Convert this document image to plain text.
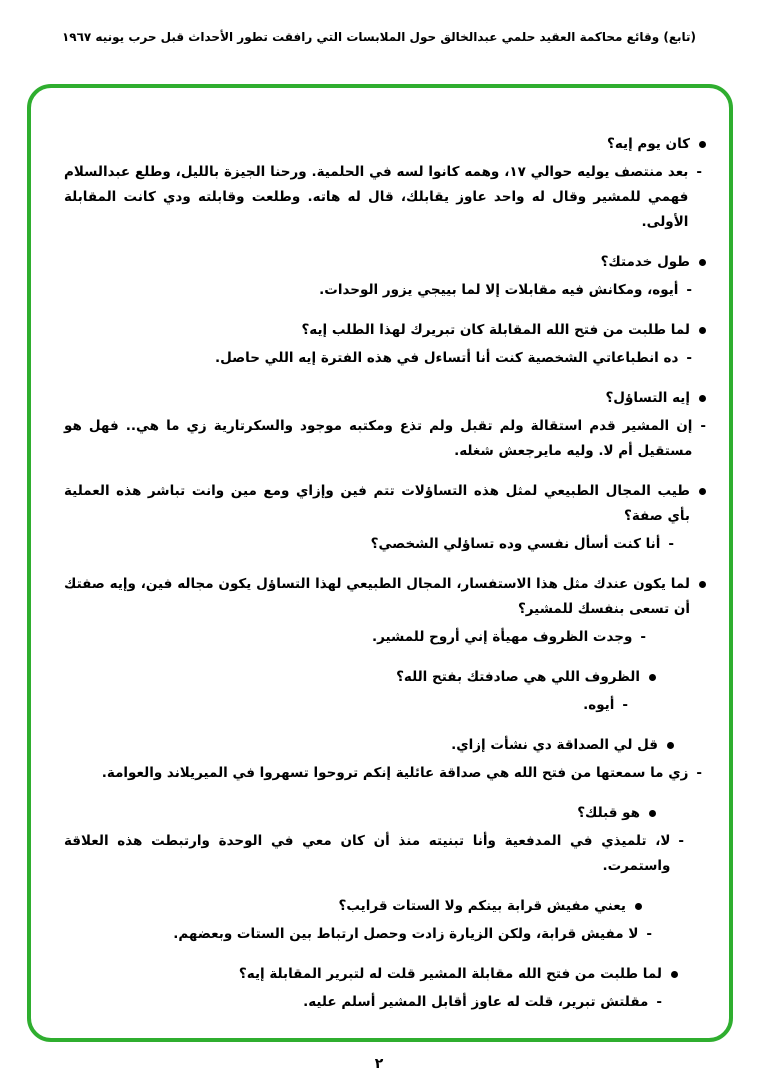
(تابع) وقائع محاكمة العقيد حلمي عبدالخالق حول الملابسات التي رافقت تطور الأحداث قبل حرب يونيه ١٩٦٧
كان يوم إيه؟
-
بعد منتصف يوليه حوالي ١٧، وهمه كانوا لسه في الحلمية. ورحنا الجيزة بالليل، وطلع عبدالسلام فهمي للمشير وقال له واحد عاوز يقابلك، قال له هاته. وطلعت وقابلته ودي كانت المقابلة الأولى.
طول خدمتك؟
-
أيوه، ومكانش فيه مقابلات إلا لما بييجي يزور الوحدات.
لما طلبت من فتح الله المقابلة كان تبريرك لهذا الطلب إيه؟
-
ده انطباعاتي الشخصية كنت أنا أتساءل في هذه الفترة إيه اللي حاصل.
إيه التساؤل؟
-
إن المشير قدم استقالة ولم تقبل ولم تذع ومكتبه موجود والسكرتارية زي ما هي.. فهل هو مستقيل أم لا. وليه مايرجعش شغله.
طيب المجال الطبيعي لمثل هذه التساؤلات تتم فين وإزاي ومع مين وانت تباشر هذه العملية بأي صفة؟
-
أنا كنت أسأل نفسي وده تساؤلي الشخصي؟
لما يكون عندك مثل هذا الاستفسار، المجال الطبيعي لهذا التساؤل يكون مجاله فين، وإيه صفتك أن تسعى بنفسك للمشير؟
-
وجدت الظروف مهيأة إني أروح للمشير.
الظروف اللي هي صادفتك بفتح الله؟
-
أيوه.
قل لي الصداقة دي نشأت إزاي.
-
زي ما سمعتها من فتح الله هي صداقة عائلية إنكم تروحوا تسهروا في الميريلاند والعوامة.
هو قبلك؟
-
لا، تلميذي في المدفعية وأنا تبنيته منذ أن كان معي في الوحدة وارتبطت هذه العلاقة واستمرت.
يعني مفيش قرابة بينكم ولا الستات قرايب؟
-
لا مفيش قرابة، ولكن الزيارة زادت وحصل ارتباط بين الستات وبعضهم.
لما طلبت من فتح الله مقابلة المشير قلت له لتبرير المقابلة إيه؟
-
مقلتش تبرير، قلت له عاوز أقابل المشير أسلم عليه.
٢
